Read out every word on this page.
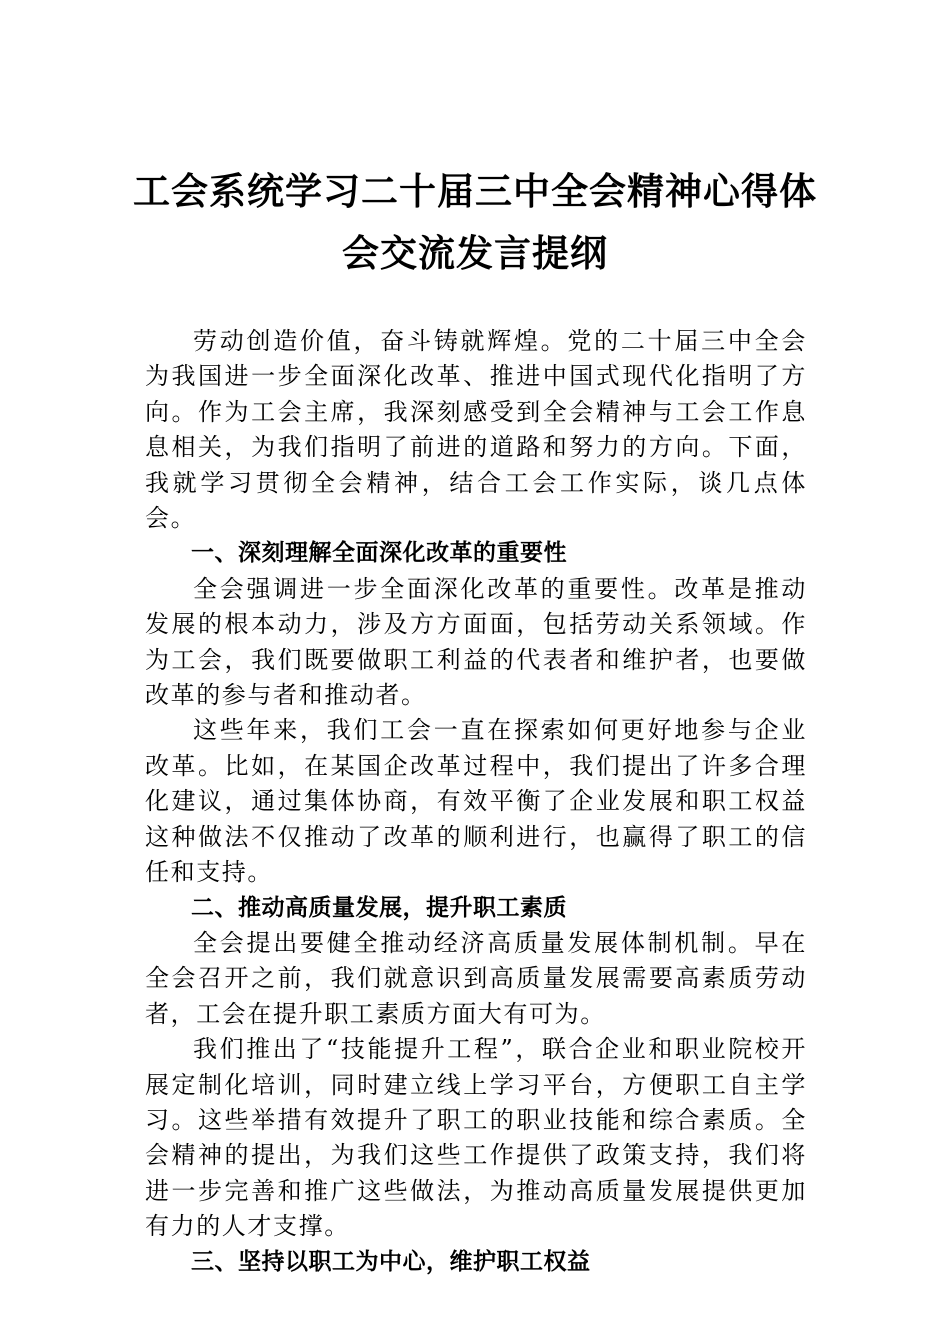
工会系统学习二十届三中全会精神心得体
会交流发言提纲

劳动创造价值，奋斗铸就辉煌。党的二十届三中全会为我国进一步全面深化改革、推进中国式现代化指明了方向。作为工会主席，我深刻感受到全会精神与工会工作息息相关，为我们指明了前进的道路和努力的方向。下面，我就学习贯彻全会精神，结合工会工作实际，谈几点体会。

一、深刻理解全面深化改革的重要性

全会强调进一步全面深化改革的重要性。改革是推动发展的根本动力，涉及方方面面，包括劳动关系领域。作为工会，我们既要做职工利益的代表者和维护者，也要做改革的参与者和推动者。

这些年来，我们工会一直在探索如何更好地参与企业改革。比如，在某国企改革过程中，我们提出了许多合理化建议，通过集体协商，有效平衡了企业发展和职工权益这种做法不仅推动了改革的顺利进行，也赢得了职工的信任和支持。

二、推动高质量发展，提升职工素质

全会提出要健全推动经济高质量发展体制机制。早在全会召开之前，我们就意识到高质量发展需要高素质劳动者，工会在提升职工素质方面大有可为。

我们推出了“技能提升工程”，联合企业和职业院校开展定制化培训，同时建立线上学习平台，方便职工自主学习。这些举措有效提升了职工的职业技能和综合素质。全会精神的提出，为我们这些工作提供了政策支持，我们将进一步完善和推广这些做法，为推动高质量发展提供更加有力的人才支撑。

三、坚持以职工为中心，维护职工权益
